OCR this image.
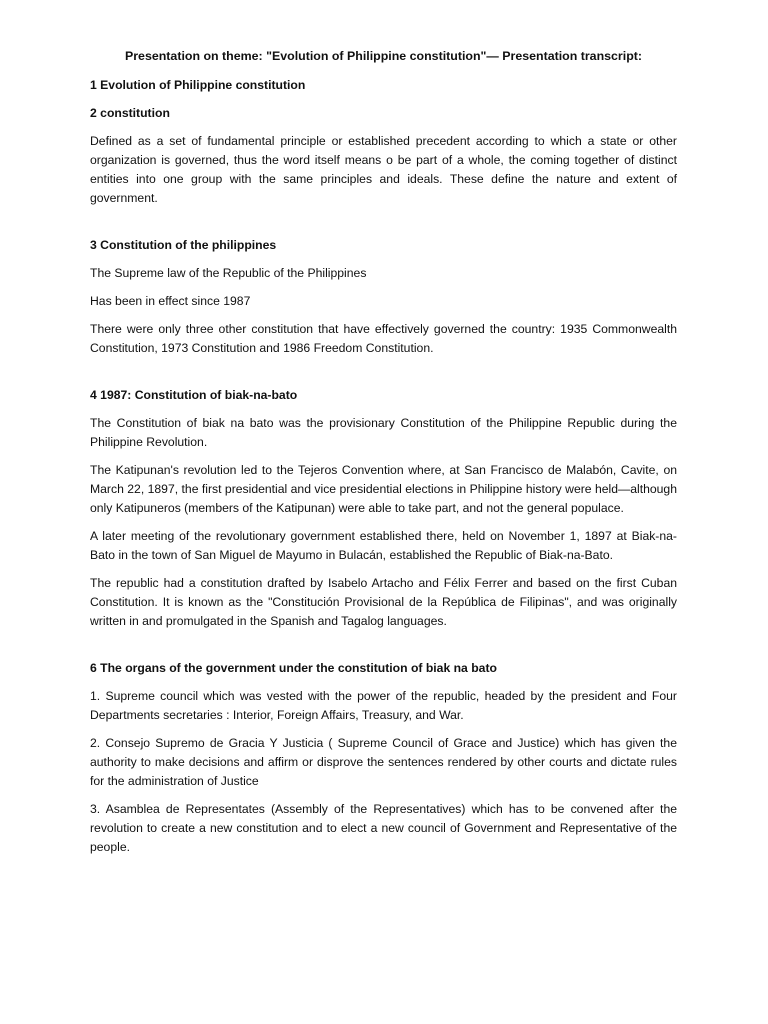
Presentation on theme: "Evolution of Philippine constitution"— Presentation transcript:

1 Evolution of Philippine constitution

2 constitution

Defined as a set of fundamental principle or established precedent according to which a state or other organization is governed, thus the word itself means o be part of a whole, the coming together of distinct entities into one group with the same principles and ideals. These define the nature and extent of government.

3 Constitution of the philippines

The Supreme law of the Republic of the Philippines

Has been in effect since 1987

There were only three other constitution that have effectively governed the country: 1935 Commonwealth Constitution, 1973 Constitution and 1986 Freedom Constitution.

4 1987: Constitution of biak-na-bato

The Constitution of biak na bato was the provisionary Constitution of the Philippine Republic during the Philippine Revolution.

The Katipunan's revolution led to the Tejeros Convention where, at San Francisco de Malabón, Cavite, on March 22, 1897, the first presidential and vice presidential elections in Philippine history were held—although only Katipuneros (members of the Katipunan) were able to take part, and not the general populace.

A later meeting of the revolutionary government established there, held on November 1, 1897 at Biak-na-Bato in the town of San Miguel de Mayumo in Bulacán, established the Republic of Biak-na-Bato.

The republic had a constitution drafted by Isabelo Artacho and Félix Ferrer and based on the first Cuban Constitution. It is known as the "Constitución Provisional de la República de Filipinas", and was originally written in and promulgated in the Spanish and Tagalog languages.

6 The organs of the government under the constitution of biak na bato

1. Supreme council which was vested with the power of the republic, headed by the president and Four Departments secretaries : Interior, Foreign Affairs, Treasury, and War.

2. Consejo Supremo de Gracia Y Justicia ( Supreme Council of Grace and Justice) which has given the authority to make decisions and affirm or disprove the sentences rendered by other courts and dictate rules for the administration of Justice

3. Asamblea de Representates (Assembly of the Representatives) which has to be convened after the revolution to create a new constitution and to elect a new council of Government and Representative of the people.
